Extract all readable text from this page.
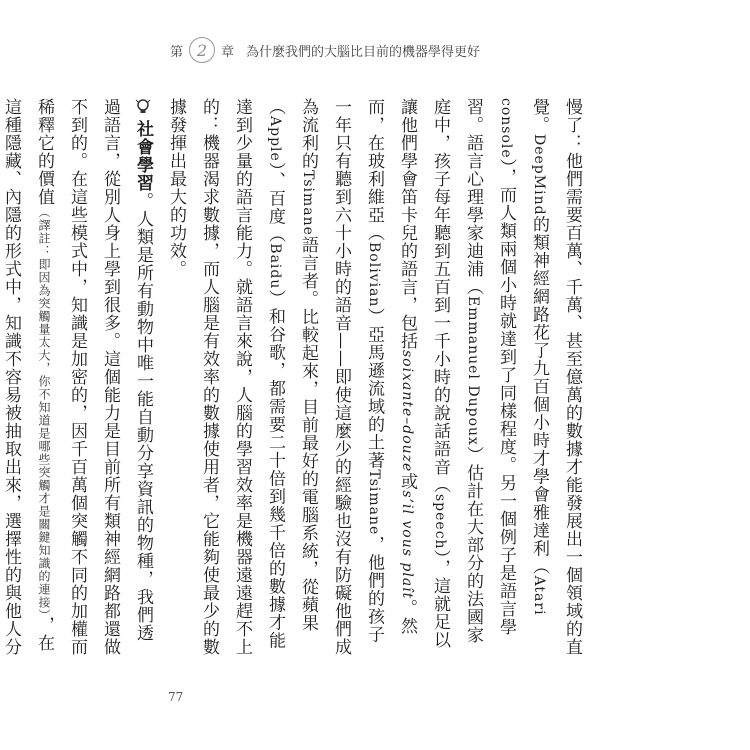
第 2	章 為什麼我們的大腦比目前的機器學得更好

慢了：他們需要百萬、千萬、甚至億萬的數據才能發展出一個領域的直覺。DeepMind的類神經網路花了九百個小時才學會雅達利（Atari console），而人類兩個小時就達到了同樣程度。另一個例子是語言學習。語言心理學家迪浦（Emmanuel Dupoux）估計在大部分的法國家庭中，孩子每年聽到五百到一千小時的說話語音（speech），這就足以讓他們學會笛卡兒的語言，包括soixante–douze或s’il vous plaît。然而，在玻利維亞（Bolivian）亞馬遜流域的土著Tsimane，他們的孩子一年只有聽到六十小時的語音——即使這麼少的經驗也沒有防礙他們成為流利的Tsimane語言者。比較起來，目前最好的電腦系統，從蘋果（Apple）、百度（Baidu）和谷歌，都需要二十倍到幾千倍的數據才能達到少量的語言能力。就語言來說，人腦的學習效率是機器遠遠趕不上的：機器渴求數據，而人腦是有效率的數據使用者，它能夠使最少的數據發揮出最大的功效。

社會學習。人類是所有動物中唯一能自動分享資訊的物種，我們透過語言，從別人身上學到很多。這個能力是目前所有類神經網路都還做不到的。在這些模式中，知識是加密的，因千百萬個突觸不同的加權而稀釋它的價值（譯註：即因為突觸量太大，你不知道是哪些突觸才是關鍵知識的連接），在這種隱藏、內隱的形式中，知識不容易被抽取出來，選擇性的與他人分

77
